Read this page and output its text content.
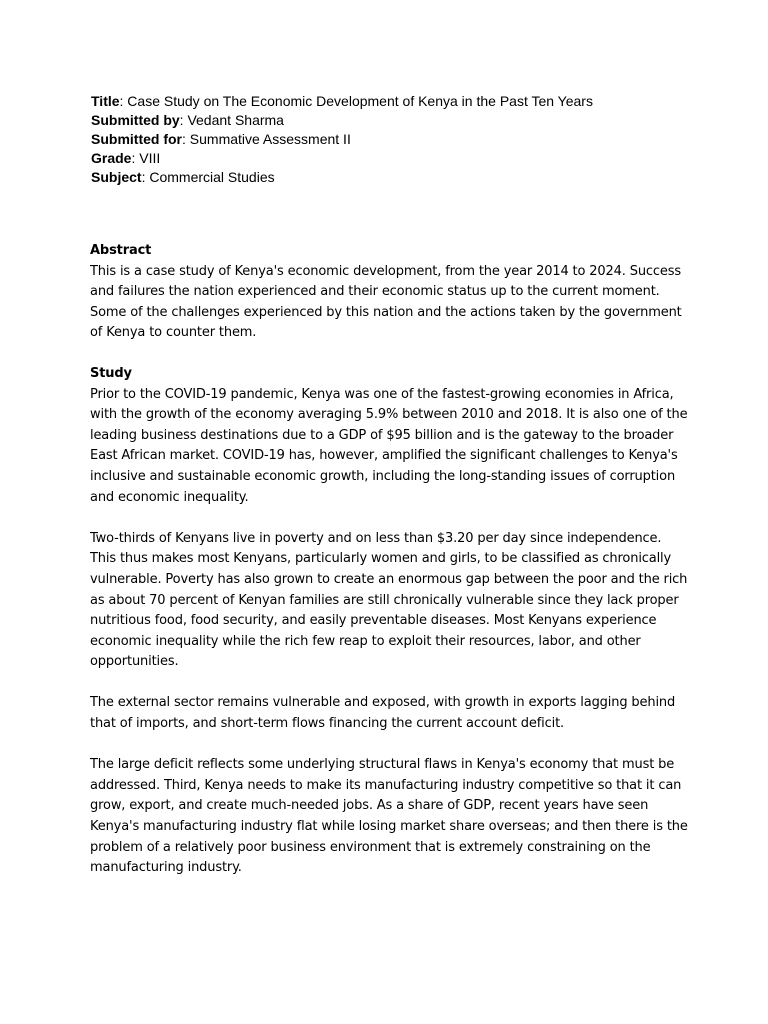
Title: Case Study on The Economic Development of Kenya in the Past Ten Years
Submitted by: Vedant Sharma
Submitted for: Summative Assessment II
Grade: VIII
Subject: Commercial Studies

Abstract

This is a case study of Kenya's economic development, from the year 2014 to 2024. Success and failures the nation experienced and their economic status up to the current moment. Some of the challenges experienced by this nation and the actions taken by the government of Kenya to counter them.

Study

Prior to the COVID-19 pandemic, Kenya was one of the fastest-growing economies in Africa, with the growth of the economy averaging 5.9% between 2010 and 2018. It is also one of the leading business destinations due to a GDP of $95 billion and is the gateway to the broader East African market. COVID-19 has, however, amplified the significant challenges to Kenya's inclusive and sustainable economic growth, including the long-standing issues of corruption and economic inequality.

Two-thirds of Kenyans live in poverty and on less than $3.20 per day since independence. This thus makes most Kenyans, particularly women and girls, to be classified as chronically vulnerable. Poverty has also grown to create an enormous gap between the poor and the rich as about 70 percent of Kenyan families are still chronically vulnerable since they lack proper nutritious food, food security, and easily preventable diseases. Most Kenyans experience economic inequality while the rich few reap to exploit their resources, labor, and other opportunities.

The external sector remains vulnerable and exposed, with growth in exports lagging behind that of imports, and short-term flows financing the current account deficit.

The large deficit reflects some underlying structural flaws in Kenya's economy that must be addressed. Third, Kenya needs to make its manufacturing industry competitive so that it can grow, export, and create much-needed jobs. As a share of GDP, recent years have seen Kenya's manufacturing industry flat while losing market share overseas; and then there is the problem of a relatively poor business environment that is extremely constraining on the manufacturing industry.
